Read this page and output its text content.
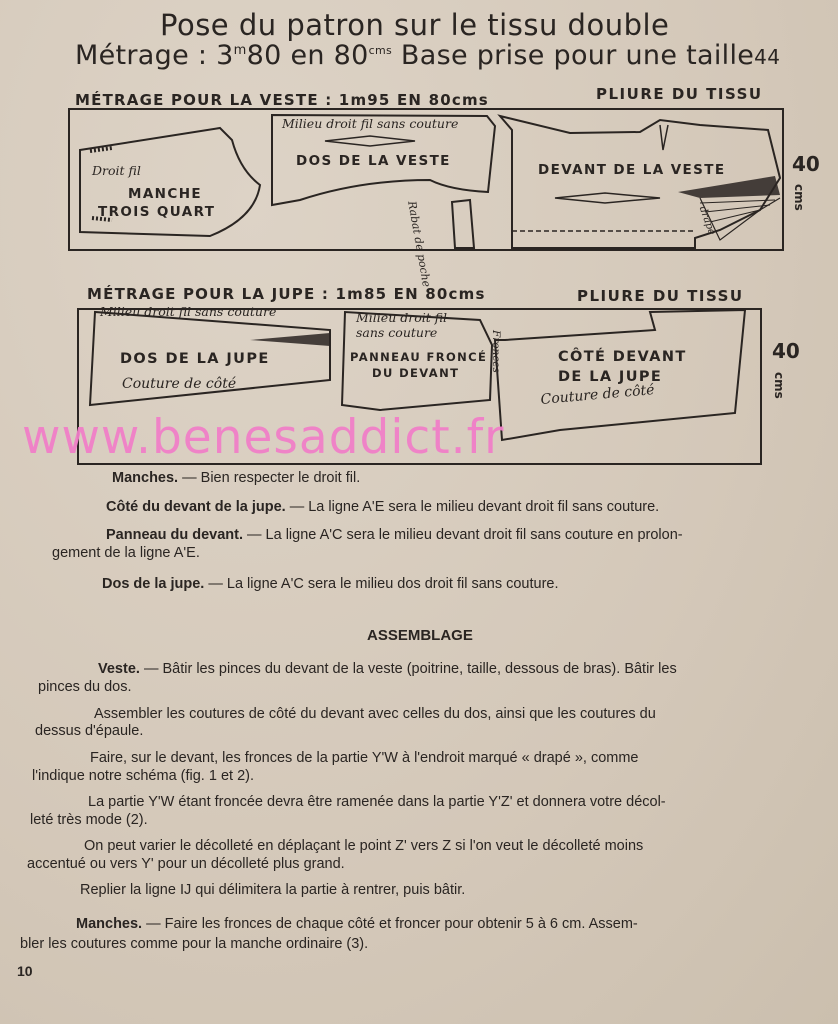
Pose du patron sur le tissu double
Métrage : 3$^m$80 en $80^{cms}$ Base prise pour une taille44
MÉTRAGE POUR LA VESTE : 1m95 EN 80cms	PLIURE DU TISSU
Droit fil
MANCHE
TROIS QUART
Milieu droit fil sans couture
DOS DE LA VESTE
Rabat de poche
DEVANT DE LA VESTE
drapé
40
cms
MÉTRAGE POUR LA JUPE : 1m85 EN 80cms	PLIURE DU TISSU
Milieu droit fil sans couture
DOS DE LA JUPE
Couture de côté
Milieu droit fil
sans couture
PANNEAU FRONCÉ
DU DEVANT
Fronces	CÔTÉ DEVANT
DE LA JUPE
Couture de côté
40
cms
www.benesaddict.fr
Manches. — Bien respecter le droit fil.
Côté du devant de la jupe. — La ligne A'E sera le milieu devant droit fil sans couture.
Panneau du devant. — La ligne A'C sera le milieu devant droit fil sans couture en prolon-
gement de la ligne A'E.
Dos de la jupe. — La ligne A'C sera le milieu dos droit fil sans couture.
ASSEMBLAGE
Veste. — Bâtir les pinces du devant de la veste (poitrine, taille, dessous de bras). Bâtir les
pinces du dos.
Assembler les coutures de côté du devant avec celles du dos, ainsi que les coutures du
dessus d'épaule.
Faire, sur le devant, les fronces de la partie Y'W à l'endroit marqué « drapé », comme
l'indique notre schéma (fig. 1 et 2).
La partie Y'W étant froncée devra être ramenée dans la partie Y'Z' et donnera votre décol-
leté très mode (2).
On peut varier le décolleté en déplaçant le point Z' vers Z si l'on veut le décolleté moins
accentué ou vers Y' pour un décolleté plus grand.
Replier la ligne IJ qui délimitera la partie à rentrer, puis bâtir.
Manches. — Faire les fronces de chaque côté et froncer pour obtenir 5 à 6 cm. Assem-
bler les coutures comme pour la manche ordinaire (3).
10
